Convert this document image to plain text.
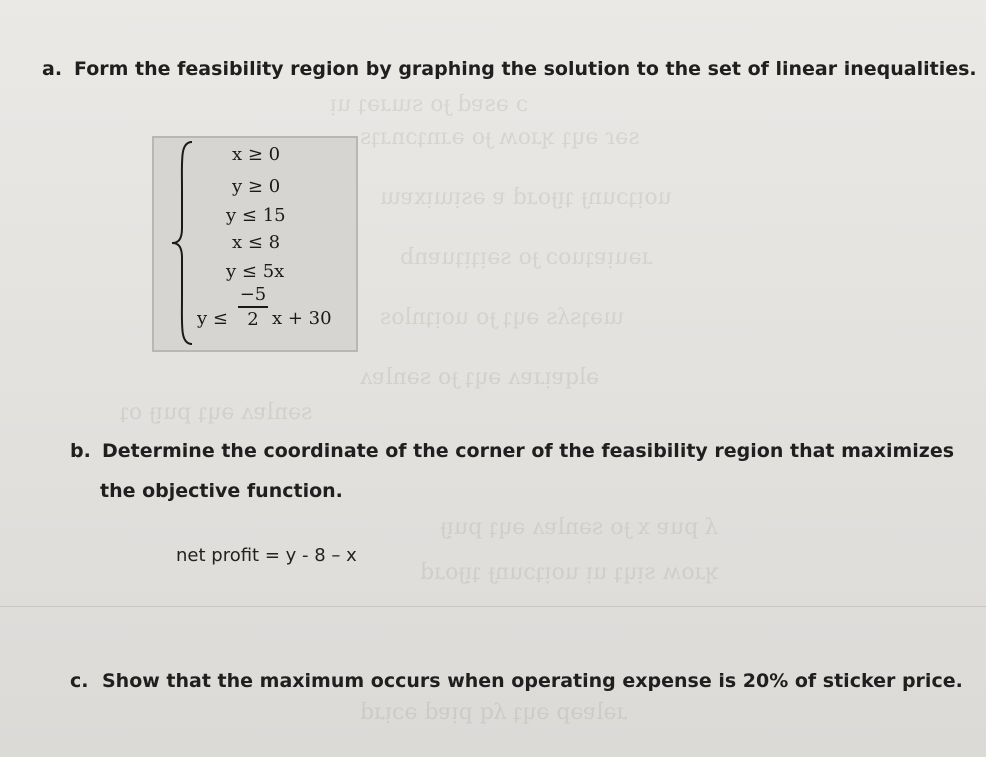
ɔ ǝsɐd ɟo sɯɹǝʇ uᴉ
sǝɾ ǝɥʇ ʞɹoʍ ɟo ǝɹnʇɔnɹʇs
uoᴉʇɔunɟ ʇᴉɟoɹd ɐ ǝsᴉɯᴉxɐɯ
ɹǝuᴉɐʇuoɔ ɟo sǝᴉʇᴉʇuɐnb
ɯǝʇsʎs ǝɥʇ ɟo uoᴉʇnlos
ǝlqɐᴉɹɐʌ ǝɥʇ ɟo sǝnlɐʌ
sǝnlɐʌ ǝɥʇ puᴉɟ oʇ
ʎ puɐ x ɟo sǝnlɐʌ ǝɥʇ puᴉɟ
ʞɹoʍ sᴉɥʇ uᴉ uoᴉʇɔunɟ ʇᴉɟoɹd
ɹǝlɐǝp ǝɥʇ ʎq pᴉɐd ǝɔᴉɹd
a. Form the feasibility region by graphing the solution to the set of linear inequalities.
x ≥ 0
y ≥ 0
y ≤ 15
x ≤ 8
y ≤ 5x
$\frac{-5}{2}$
y ≤ x + 30
b. Determine the coordinate of the corner of the feasibility region that maximizes
the objective function.
net profit = y - 8 – x
c. Show that the maximum occurs when operating expense is 20% of sticker price.
